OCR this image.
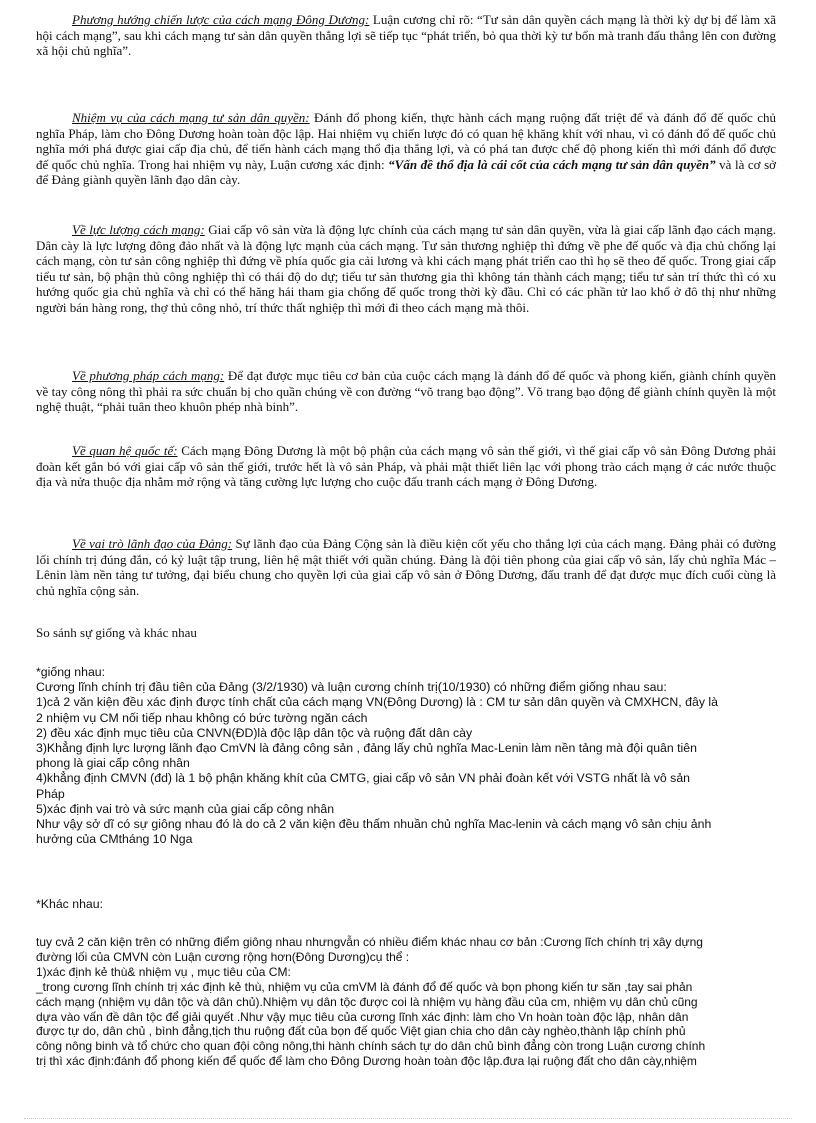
Phương hướng chiến lược của cách mạng Đông Dương: Luận cương chỉ rõ: “Tư sản dân quyền cách mạng là thời kỳ dự bị để làm xã hội cách mạng”, sau khi cách mạng tư sản dân quyền thắng lợi sẽ tiếp tục “phát triển, bỏ qua thời kỳ tư bổn mà tranh đấu thẳng lên con đường xã hội chủ nghĩa”.

Nhiệm vụ của cách mạng tư sản dân quyền: Đánh đổ phong kiến, thực hành cách mạng ruộng đất triệt để và đánh đổ đế quốc chủ nghĩa Pháp, làm cho Đông Dương hoàn toàn độc lập. Hai nhiệm vụ chiến lược đó có quan hệ khăng khít với nhau, vì có đánh đổ đế quốc chủ nghĩa mới phá được giai cấp địa chủ, để tiến hành cách mạng thổ địa thắng lợi, và có phá tan được chế độ phong kiến thì mới đánh đổ được đế quốc chủ nghĩa. Trong hai nhiệm vụ này, Luận cương xác định: “Vấn đề thổ địa là cái cốt của cách mạng tư sản dân quyền” và là cơ sở để Đảng giành quyền lãnh đạo dân cày.

Về lực lượng cách mạng: Giai cấp vô sản vừa là động lực chính của cách mạng tư sản dân quyền, vừa là giai cấp lãnh đạo cách mạng. Dân cày là lực lượng đông đảo nhất và là động lực mạnh của cách mạng. Tư sản thương nghiệp thì đứng về phe đế quốc và địa chủ chống lại cách mạng, còn tư sản công nghiệp thì đứng về phía quốc gia cải lương và khi cách mạng phát triển cao thì họ sẽ theo đế quốc. Trong giai cấp tiểu tư sản, bộ phận thủ công nghiệp thì có thái độ do dự; tiểu tư sản thương gia thì không tán thành cách mạng; tiểu tư sản trí thức thì có xu hướng quốc gia chủ nghĩa và chỉ có thể hăng hái tham gia chống đế quốc trong thời kỳ đầu. Chỉ có các phần tử lao khổ ở đô thị như những người bán hàng rong, thợ thủ công nhỏ, trí thức thất nghiệp thì mới đi theo cách mạng mà thôi.

Về phương pháp cách mạng: Để đạt được mục tiêu cơ bản của cuộc cách mạng là đánh đổ đế quốc và phong kiến, giành chính quyền về tay công nông thì phải ra sức chuẩn bị cho quần chúng về con đường “võ trang bạo động”. Võ trang bạo động để giành chính quyền là một nghệ thuật, “phải tuân theo khuôn phép nhà binh”.

Về quan hệ quốc tế: Cách mạng Đông Dương là một bộ phận của cách mạng vô sản thế giới, vì thế giai cấp vô sản Đông Dương phải đoàn kết gắn bó với giai cấp vô sản thế giới, trước hết là vô sản Pháp, và phải mật thiết liên lạc với phong trào cách mạng ở các nước thuộc địa và nửa thuộc địa nhằm mở rộng và tăng cường lực lượng cho cuộc đấu tranh cách mạng ở Đông Dương.

Về vai trò lãnh đạo của Đảng: Sự lãnh đạo của Đảng Cộng sản là điều kiện cốt yếu cho thắng lợi của cách mạng. Đảng phải có đường lối chính trị đúng đắn, có kỷ luật tập trung, liên hệ mật thiết với quần chúng. Đảng là đội tiên phong của giai cấp vô sản, lấy chủ nghĩa Mác – Lênin làm nền tảng tư tưởng, đại biểu chung cho quyền lợi của giai cấp vô sản ở Đông Dương, đấu tranh để đạt được mục đích cuối cùng là chủ nghĩa cộng sản.

So sánh sự giống và khác nhau

*giống nhau:
Cương lĩnh chính trị đầu tiên của Đảng (3/2/1930) và luận cương chính trị(10/1930) có những điểm giống nhau sau:
1)cả 2 văn kiện đều xác định được tính chất của cách mạng VN(Đông Dương) là : CM tư sản dân quyền và CMXHCN, đây là
2 nhiệm vụ CM nối tiếp nhau không có bức tường ngăn cách
2) đều xác định mục tiêu của CNVN(ĐD)là độc lập dân tộc và ruộng đất dân cày
3)Khẳng định lực lượng lãnh đạo CmVN là đảng công sản , đảng lấy chủ nghĩa Mac-Lenin làm nền tảng mà đội quân tiên
phong là giai cấp công nhân
4)khẳng định CMVN (đd) là 1 bộ phận khăng khít của CMTG, giai cấp vô sản VN phải đoàn kết với VSTG nhất là vô sản
Pháp
5)xác định vai trò và sức mạnh của giai cấp công nhân
Như vậy sở dĩ có sự giông nhau đó là do cả 2 văn kiện đều thấm nhuần chủ nghĩa Mac-lenin và cách mạng vô sản chịu ảnh
hưởng của CMtháng 10 Nga

*Khác nhau:

tuy cvả 2 căn kiện trên có những điểm giông nhau nhưngvẫn có nhiều điểm khác nhau cơ bản :Cương lĩch chính trị xây dựng
đường lối của CMVN còn Luận cương rộng hơn(Đông Dương)cụ thể :
1)xác định kẻ thù& nhiệm vụ , mục tiêu của CM:
_trong cương lĩnh chính trị xác định kẻ thù, nhiệm vụ của cmVM là đánh đổ đế quốc và bọn phong kiến tư săn ,tay sai phản
cách mạng (nhiệm vụ dân tộc và dân chủ).Nhiệm vụ dân tộc được coi là nhiệm vụ hàng đầu của cm, nhiệm vụ dân chủ cũng
dựa vào vấn đề dân tộc để giải quyết .Như vậy mục tiêu của cương lĩnh xác định: làm cho Vn hoàn toàn độc lập, nhân dân
được tự do, dân chủ , bình đẳng,tịch thu ruộng đất của bọn đế quốc Việt gian chia cho dân cày nghèo,thành lập chính phủ
công nông binh và tổ chức cho quan đội công nông,thi hành chính sách tự do dân chủ bình đẳng còn trong Luận cương chính
trị thì xác định:đánh đổ phong kiến để quốc để làm cho Đông Dương hoàn toàn độc lập.đưa lại ruộng đất cho dân cày,nhiệm
